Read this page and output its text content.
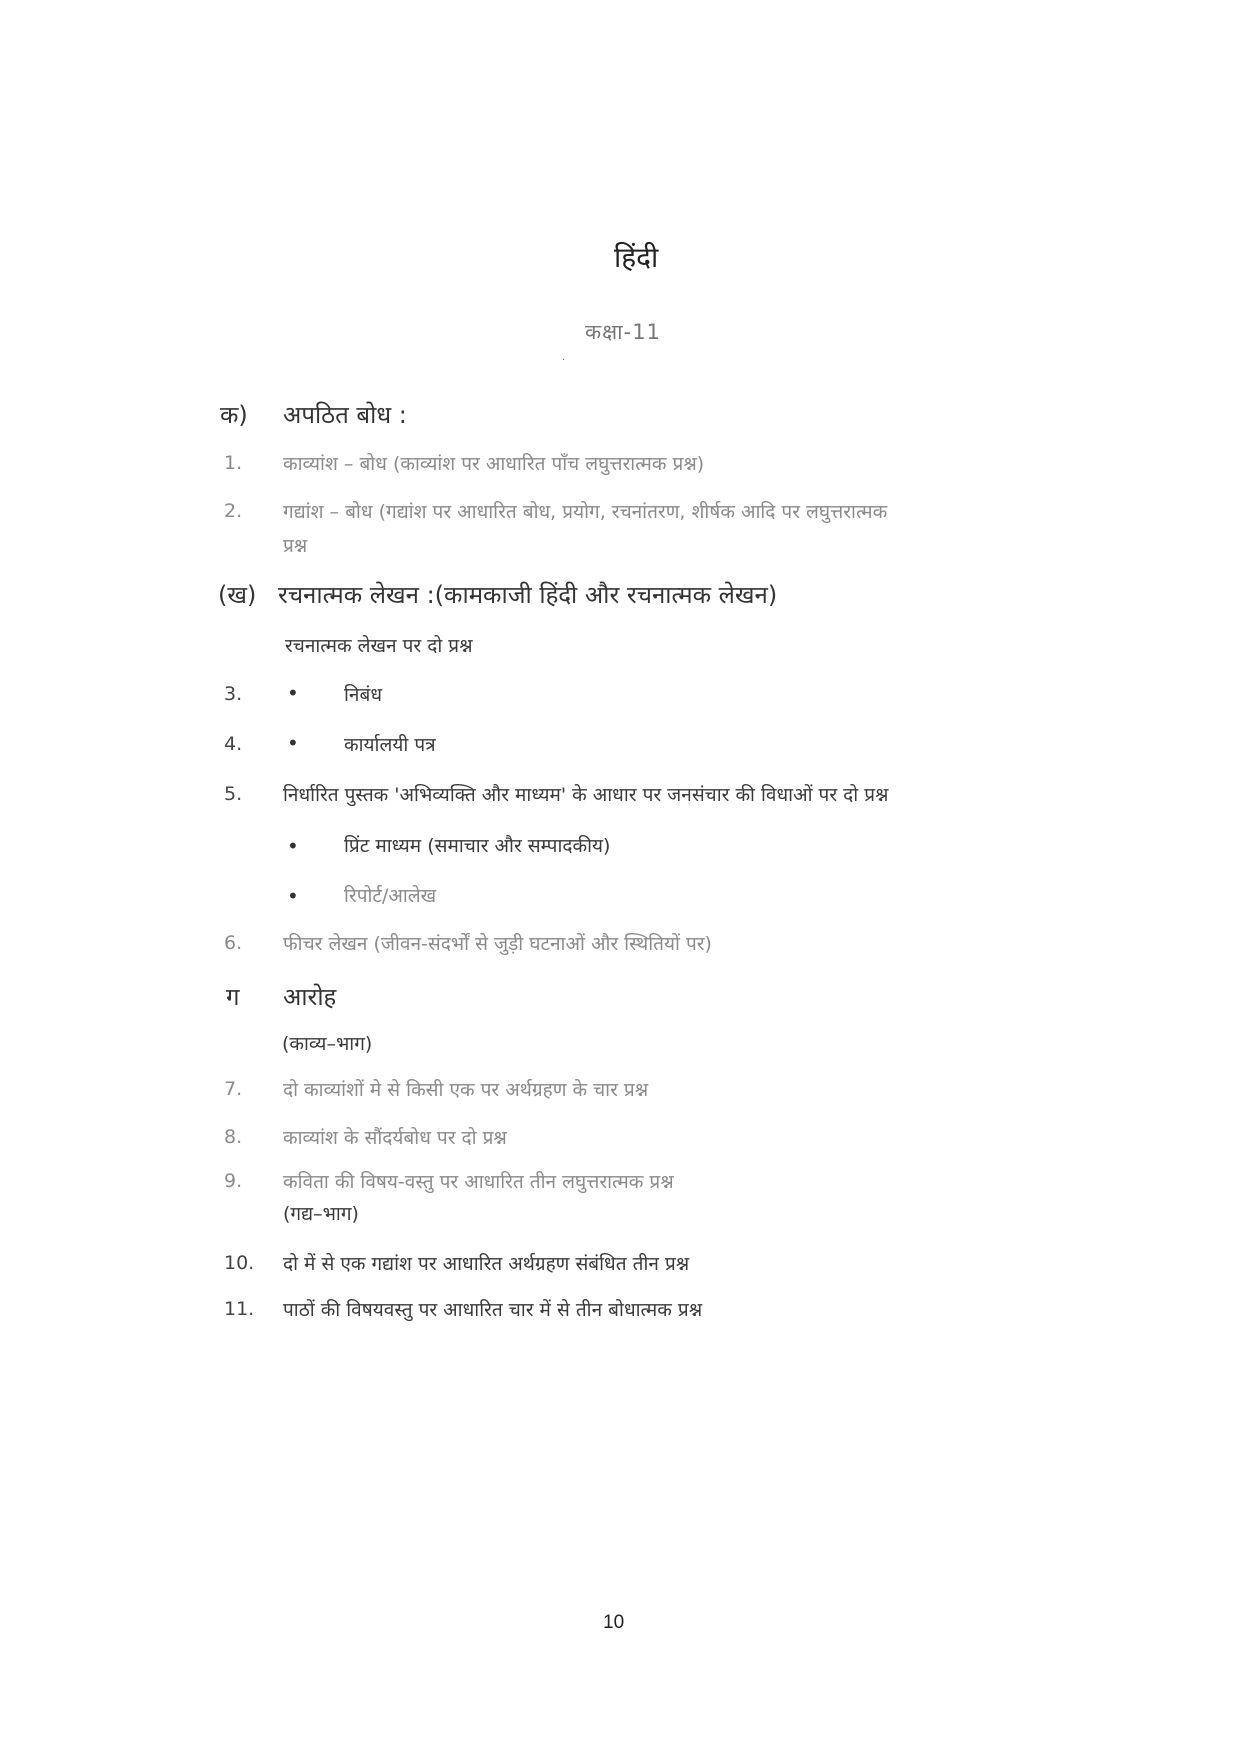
हिंदी
कक्षा-11
.
क) अपठित बोध :
1.	काव्यांश – बोध (काव्यांश पर आधारित पाँच लघुत्तरात्मक प्रश्न)
2.	गद्यांश – बोध (गद्यांश पर आधारित बोध, प्रयोग, रचनांतरण, शीर्षक आदि पर लघुत्तरात्मक
प्रश्न
(ख) रचनात्मक लेखन :(कामकाजी हिंदी और रचनात्मक लेखन)
रचनात्मक लेखन पर दो प्रश्न
3.	• निबंध
4.	• कार्यालयी पत्र
5.	निर्धारित पुस्तक 'अभिव्यक्ति और माध्यम' के आधार पर जनसंचार की विधाओं पर दो प्रश्न
• प्रिंट माध्यम (समाचार और सम्पादकीय)
• रिपोर्ट/आलेख
6.	फीचर लेखन (जीवन-संदर्भों से जुड़ी घटनाओं और स्थितियों पर)
ग आरोह
(काव्य–भाग)
7.	दो काव्यांशों मे से किसी एक पर अर्थग्रहण के चार प्रश्न
8.	काव्यांश के सौंदर्यबोध पर दो प्रश्न
9.	कविता की विषय-वस्तु पर आधारित तीन लघुत्तरात्मक प्रश्न
(गद्य–भाग)
10.	दो में से एक गद्यांश पर आधारित अर्थग्रहण संबंधित तीन प्रश्न
11.	पाठों की विषयवस्तु पर आधारित चार में से तीन बोधात्मक प्रश्न
10
